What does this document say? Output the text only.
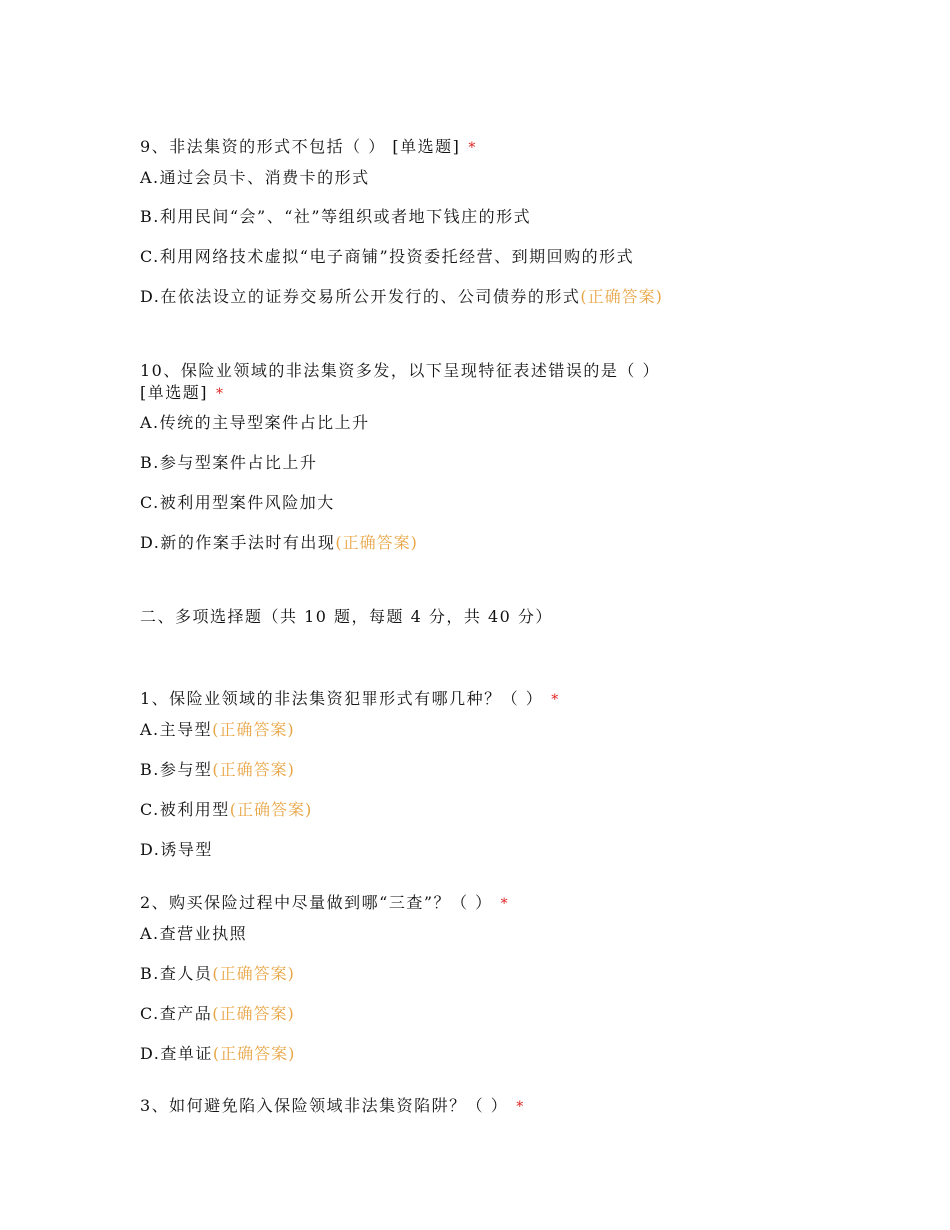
9、非法集资的形式不包括（ ） [单选题] *
A.通过会员卡、消费卡的形式
B.利用民间“会”、“社”等组织或者地下钱庄的形式
C.利用网络技术虚拟“电子商铺”投资委托经营、到期回购的形式
D.在依法设立的证券交易所公开发行的、公司债券的形式(正确答案)
10、保险业领域的非法集资多发，以下呈现特征表述错误的是（ ）
[单选题] *
A.传统的主导型案件占比上升
B.参与型案件占比上升
C.被利用型案件风险加大
D.新的作案手法时有出现(正确答案)
二、多项选择题（共 10 题，每题 4 分，共 40 分）
1、保险业领域的非法集资犯罪形式有哪几种？（ ） *
A.主导型(正确答案)
B.参与型(正确答案)
C.被利用型(正确答案)
D.诱导型
2、购买保险过程中尽量做到哪“三查”？（ ） *
A.查营业执照
B.查人员(正确答案)
C.查产品(正确答案)
D.查单证(正确答案)
3、如何避免陷入保险领域非法集资陷阱？（ ） *
